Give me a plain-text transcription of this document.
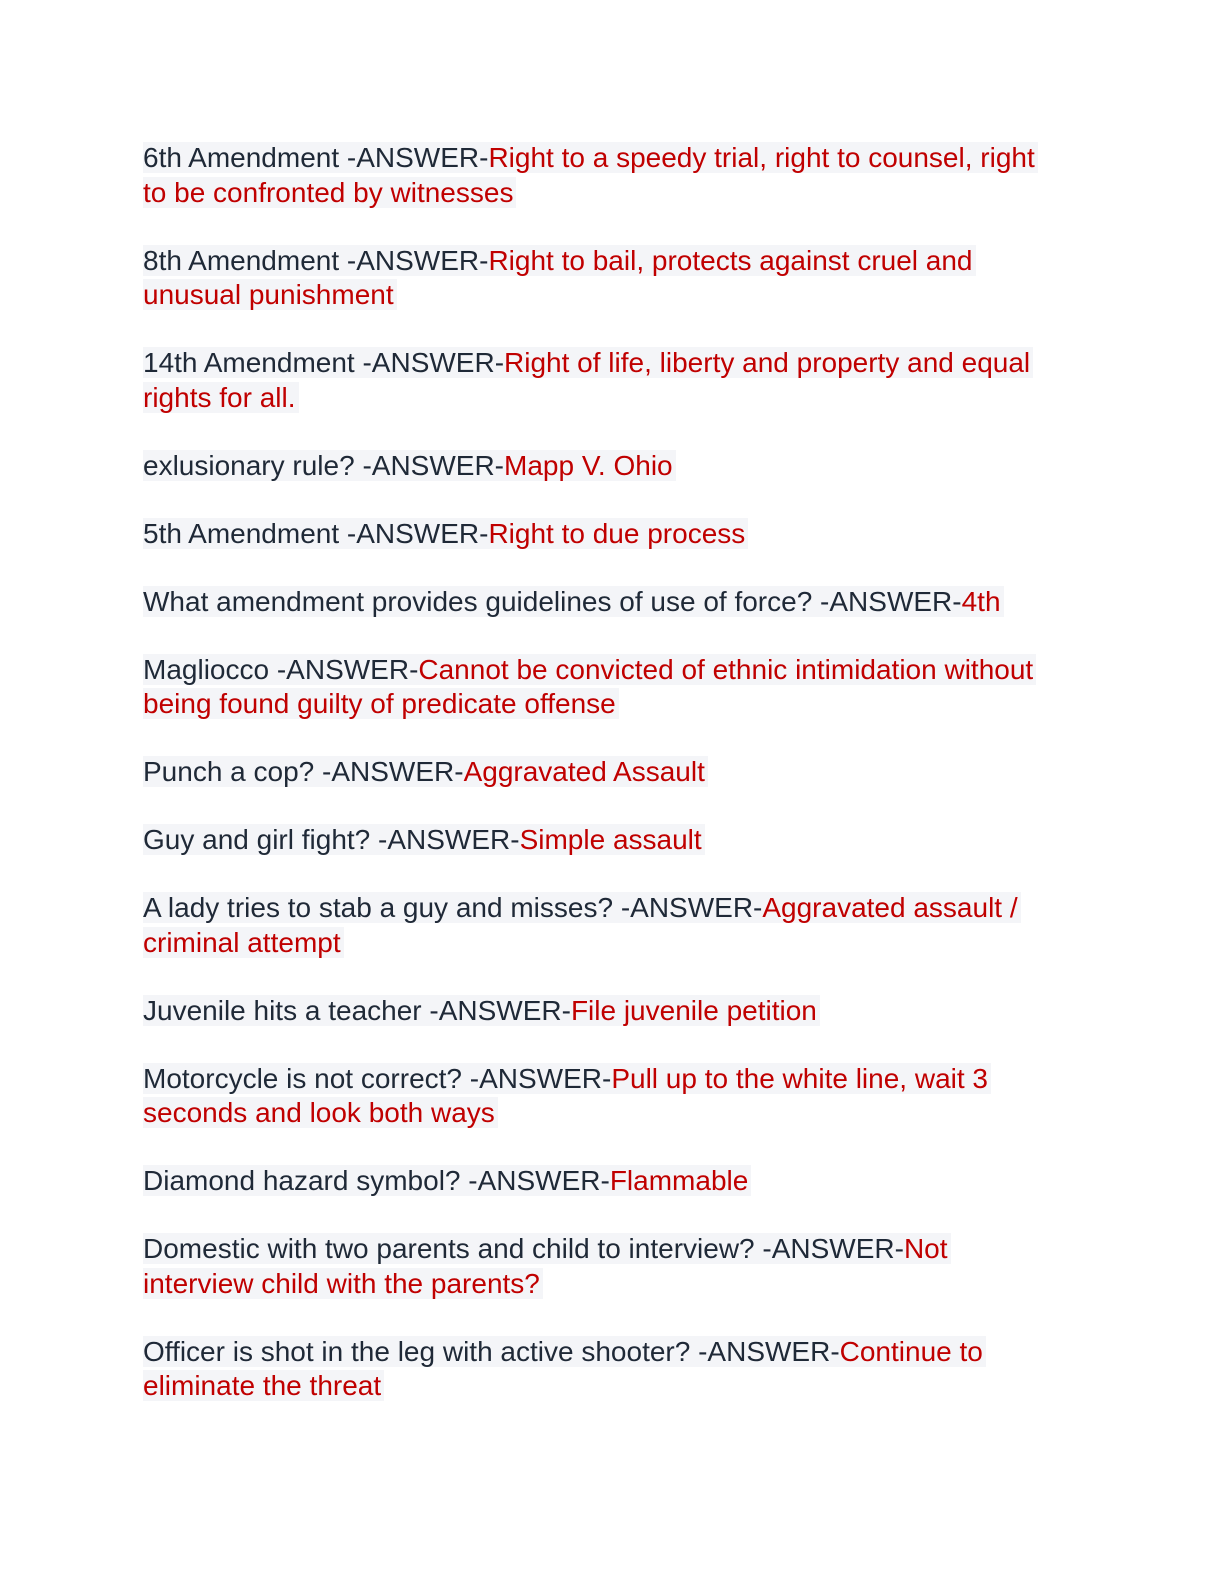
6th Amendment -ANSWER-Right to a speedy trial, right to counsel, right to be confronted by witnesses

8th Amendment -ANSWER-Right to bail, protects against cruel and unusual punishment

14th Amendment -ANSWER-Right of life, liberty and property and equal rights for all.

exlusionary rule? -ANSWER-Mapp V. Ohio

5th Amendment -ANSWER-Right to due process

What amendment provides guidelines of use of force? -ANSWER-4th

Magliocco -ANSWER-Cannot be convicted of ethnic intimidation without being found guilty of predicate offense

Punch a cop? -ANSWER-Aggravated Assault

Guy and girl fight? -ANSWER-Simple assault

A lady tries to stab a guy and misses? -ANSWER-Aggravated assault / criminal attempt

Juvenile hits a teacher -ANSWER-File juvenile petition

Motorcycle is not correct? -ANSWER-Pull up to the white line, wait 3 seconds and look both ways

Diamond hazard symbol? -ANSWER-Flammable

Domestic with two parents and child to interview? -ANSWER-Not interview child with the parents?

Officer is shot in the leg with active shooter? -ANSWER-Continue to eliminate the threat
